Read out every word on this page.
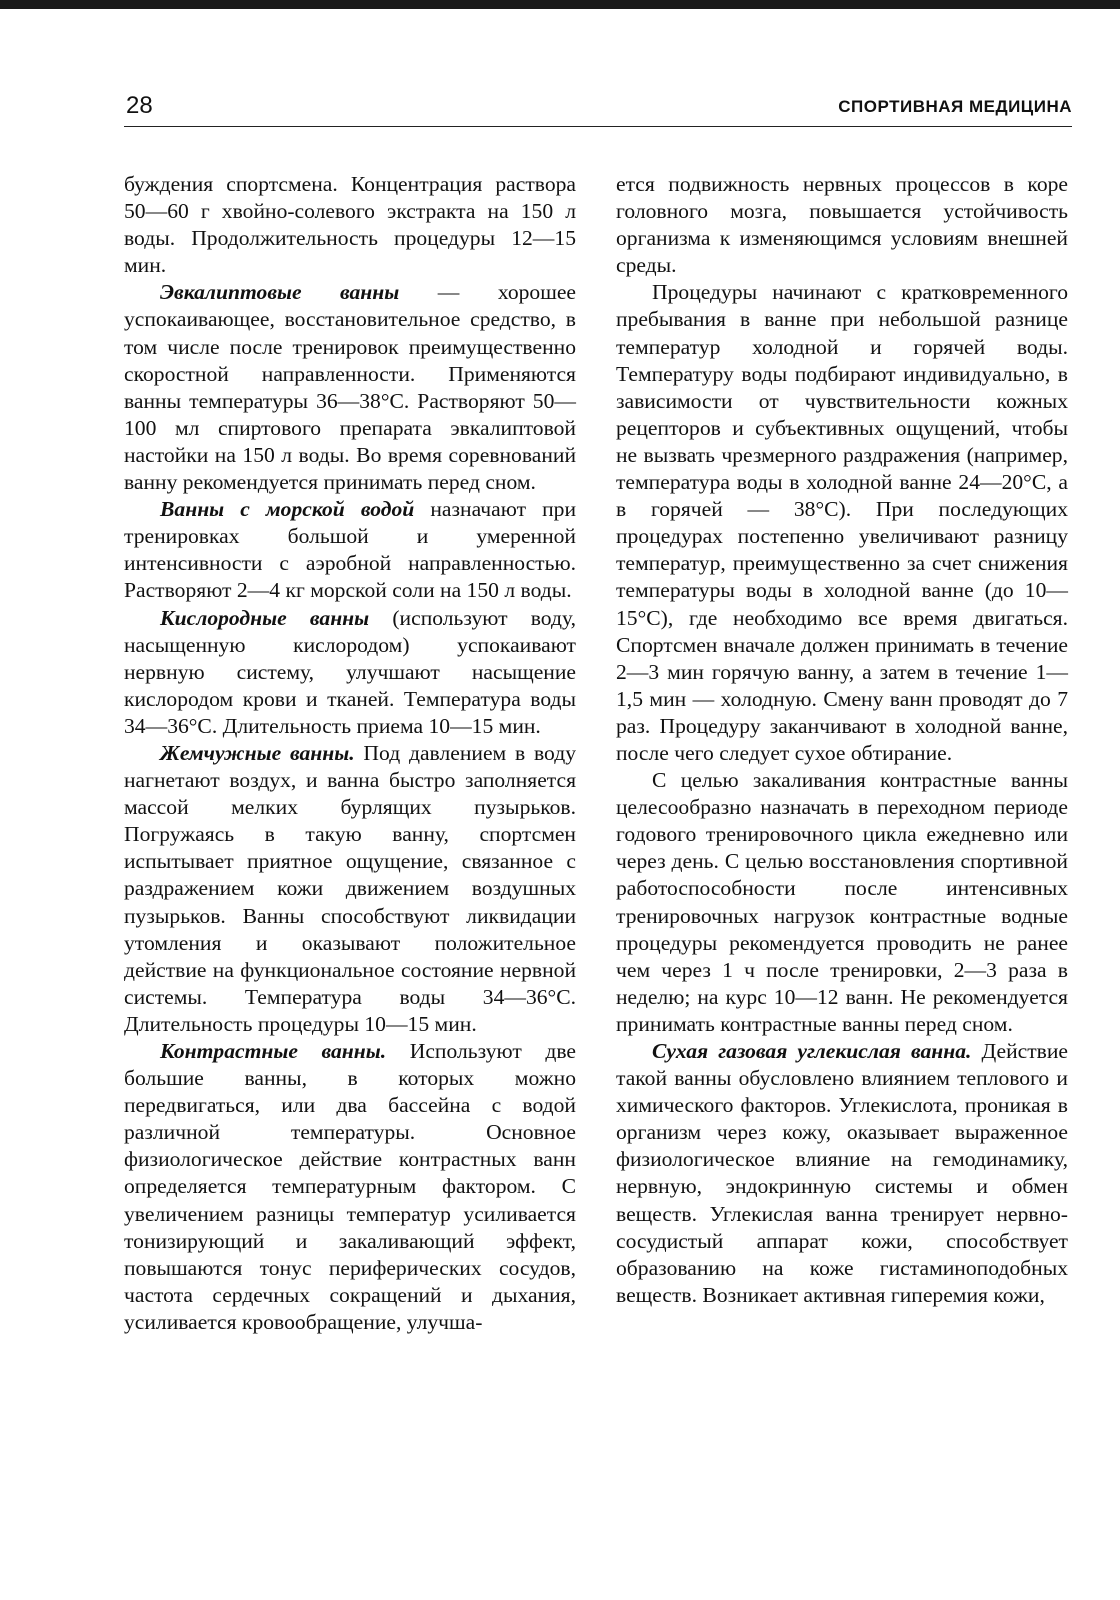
28	СПОРТИВНАЯ МЕДИЦИНА

буждения спортсмена. Концентрация раствора 50—60 г хвойно-солевого экстракта на 150 л воды. Продолжительность процедуры 12—15 мин.

Эвкалиптовые ванны — хорошее успокаивающее, восстановительное средство, в том числе после тренировок преимущественно скоростной направленности. Применяются ванны температуры 36—38°С. Растворяют 50—100 мл спиртового препарата эвкалиптовой настойки на 150 л воды. Во время соревнований ванну рекомендуется принимать перед сном.

Ванны с морской водой назначают при тренировках большой и умеренной интенсивности с аэробной направленностью. Растворяют 2—4 кг морской соли на 150 л воды.

Кислородные ванны (используют воду, насыщенную кислородом) успокаивают нервную систему, улучшают насыщение кислородом крови и тканей. Температура воды 34—36°С. Длительность приема 10—15 мин.

Жемчужные ванны. Под давлением в воду нагнетают воздух, и ванна быстро заполняется массой мелких бурлящих пузырьков. Погружаясь в такую ванну, спортсмен испытывает приятное ощущение, связанное с раздражением кожи движением воздушных пузырьков. Ванны способствуют ликвидации утомления и оказывают положительное действие на функциональное состояние нервной системы. Температура воды 34—36°С. Длительность процедуры 10—15 мин.

Контрастные ванны. Используют две большие ванны, в которых можно передвигаться, или два бассейна с водой различной температуры. Основное физиологическое действие контрастных ванн определяется температурным фактором. С увеличением разницы температур усиливается тонизирующий и закаливающий эффект, повышаются тонус периферических сосудов, частота сердечных сокращений и дыхания, усиливается кровообращение, улучша-

ется подвижность нервных процессов в коре головного мозга, повышается устойчивость организма к изменяющимся условиям внешней среды.

Процедуры начинают с кратковременного пребывания в ванне при небольшой разнице температур холодной и горячей воды. Температуру воды подбирают индивидуально, в зависимости от чувствительности кожных рецепторов и субъективных ощущений, чтобы не вызвать чрезмерного раздражения (например, температура воды в холодной ванне 24—20°С, а в горячей — 38°С). При последующих процедурах постепенно увеличивают разницу температур, преимущественно за счет снижения температуры воды в холодной ванне (до 10—15°С), где необходимо все время двигаться. Спортсмен вначале должен принимать в течение 2—3 мин горячую ванну, а затем в течение 1—1,5 мин — холодную. Смену ванн проводят до 7 раз. Процедуру заканчивают в холодной ванне, после чего следует сухое обтирание.

С целью закаливания контрастные ванны целесообразно назначать в переходном периоде годового тренировочного цикла ежедневно или через день. С целью восстановления спортивной работоспособности после интенсивных тренировочных нагрузок контрастные водные процедуры рекомендуется проводить не ранее чем через 1 ч после тренировки, 2—3 раза в неделю; на курс 10—12 ванн. Не рекомендуется принимать контрастные ванны перед сном.

Сухая газовая углекислая ванна. Действие такой ванны обусловлено влиянием теплового и химического факторов. Углекислота, проникая в организм через кожу, оказывает выраженное физиологическое влияние на гемодинамику, нервную, эндокринную системы и обмен веществ. Углекислая ванна тренирует нервно-сосудистый аппарат кожи, способствует образованию на коже гистаминоподобных веществ. Возникает активная гиперемия кожи,
